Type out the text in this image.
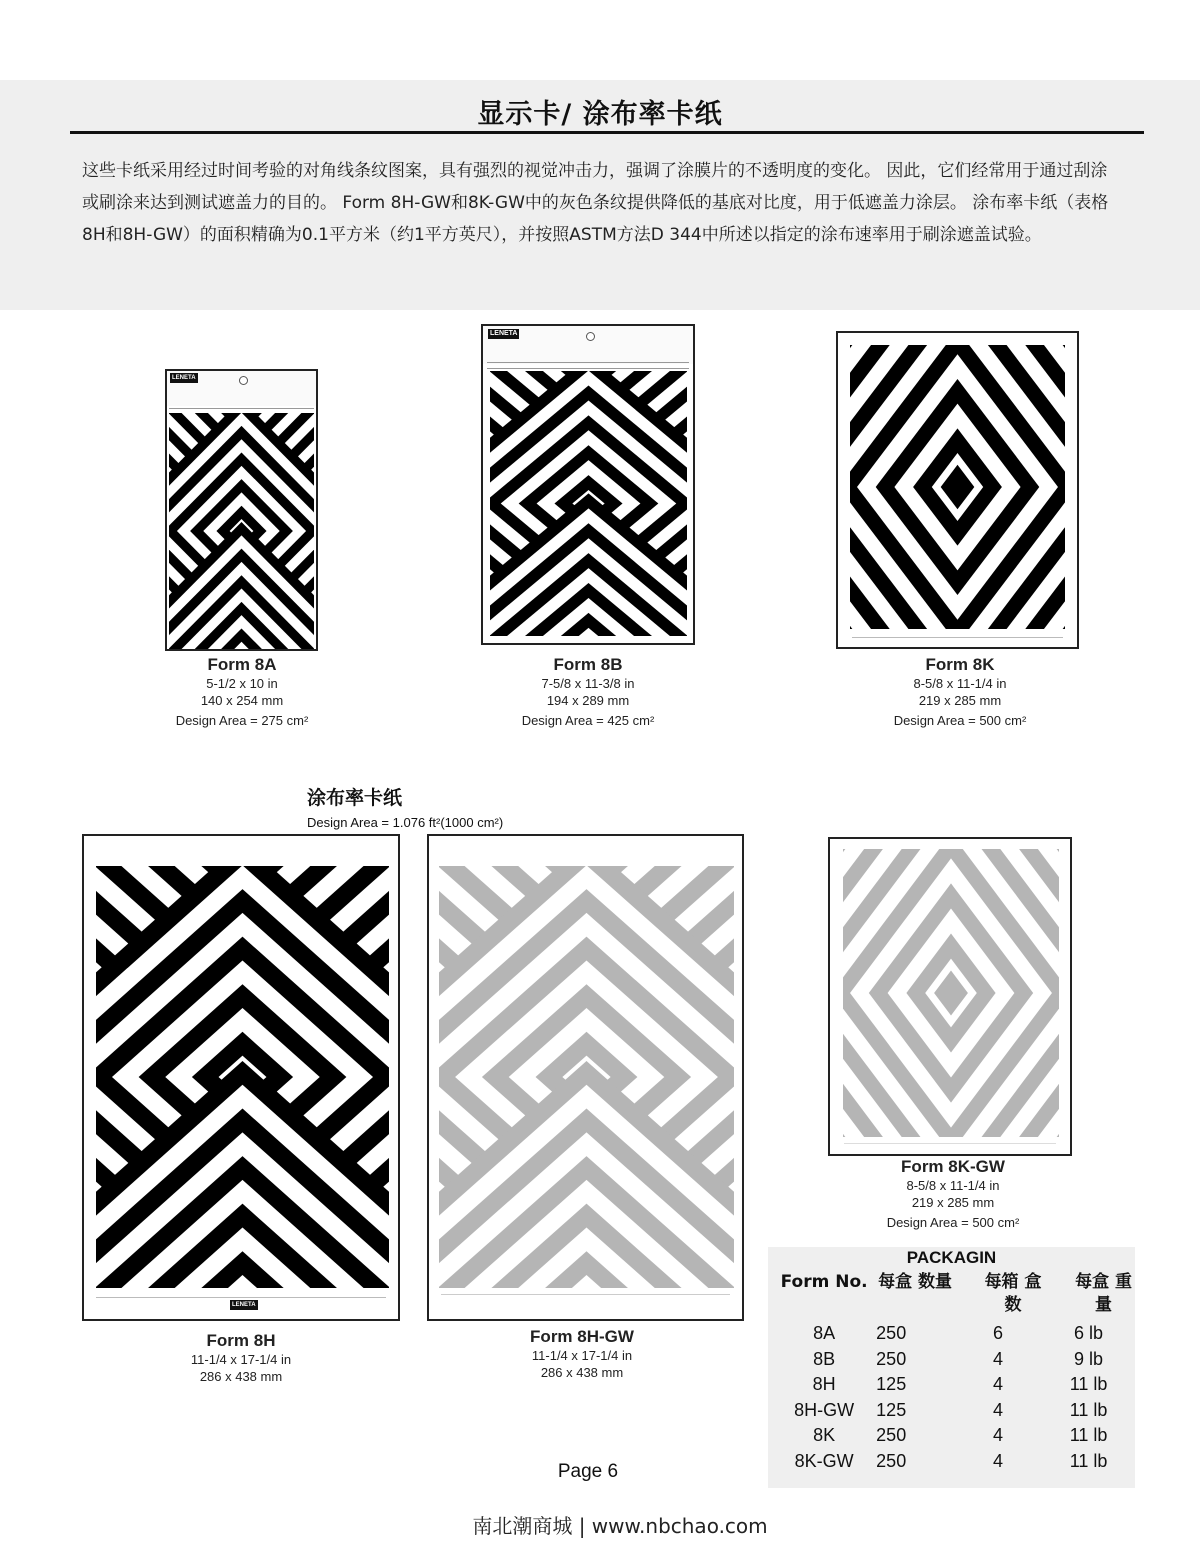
显示卡/ 涂布率卡纸
这些卡纸采用经过时间考验的对角线条纹图案，具有强烈的视觉冲击力，强调了涂膜片的不透明度的变化。 因此，它们经常用于通过刮涂或刷涂来达到测试遮盖力的目的。 Form 8H-GW和8K-GW中的灰色条纹提供降低的基底对比度，用于低遮盖力涂层。 涂布率卡纸（表格8H和8H-GW）的面积精确为0.1平方米（约1平方英尺），并按照ASTM方法D 344中所述以指定的涂布速率用于刷涂遮盖试验。
LENETA
Form 8A
5-1/2 x 10 in
140 x 254 mm
Design Area = 275 cm²
LENETA
Form 8B
7-5/8 x 11-3/8 in
194 x 289 mm
Design Area = 425 cm²
Form 8K
8-5/8 x 11-1/4 in
219 x 285 mm
Design Area = 500 cm²
涂布率卡纸
Design Area = 1.076 ft²(1000 cm²)
LENETA
Form 8H
11-1/4 x 17-1/4 in
286 x 438 mm
Form 8H-GW
11-1/4 x 17-1/4 in
286 x 438 mm
Form 8K-GW
8-5/8 x 11-1/4 in
219 x 285 mm
Design Area = 500 cm²
PACKAGIN
Form No.	每盒 数量	每箱 盒数	每盒 重量
8A	250	6	6 lb
8B	250	4	9 lb
8H	125	4	11 lb
8H-GW	125	4	11 lb
8K	250	4	11 lb
8K-GW	250	4	11 lb
Page 6
南北潮商城 | www.nbchao.com
